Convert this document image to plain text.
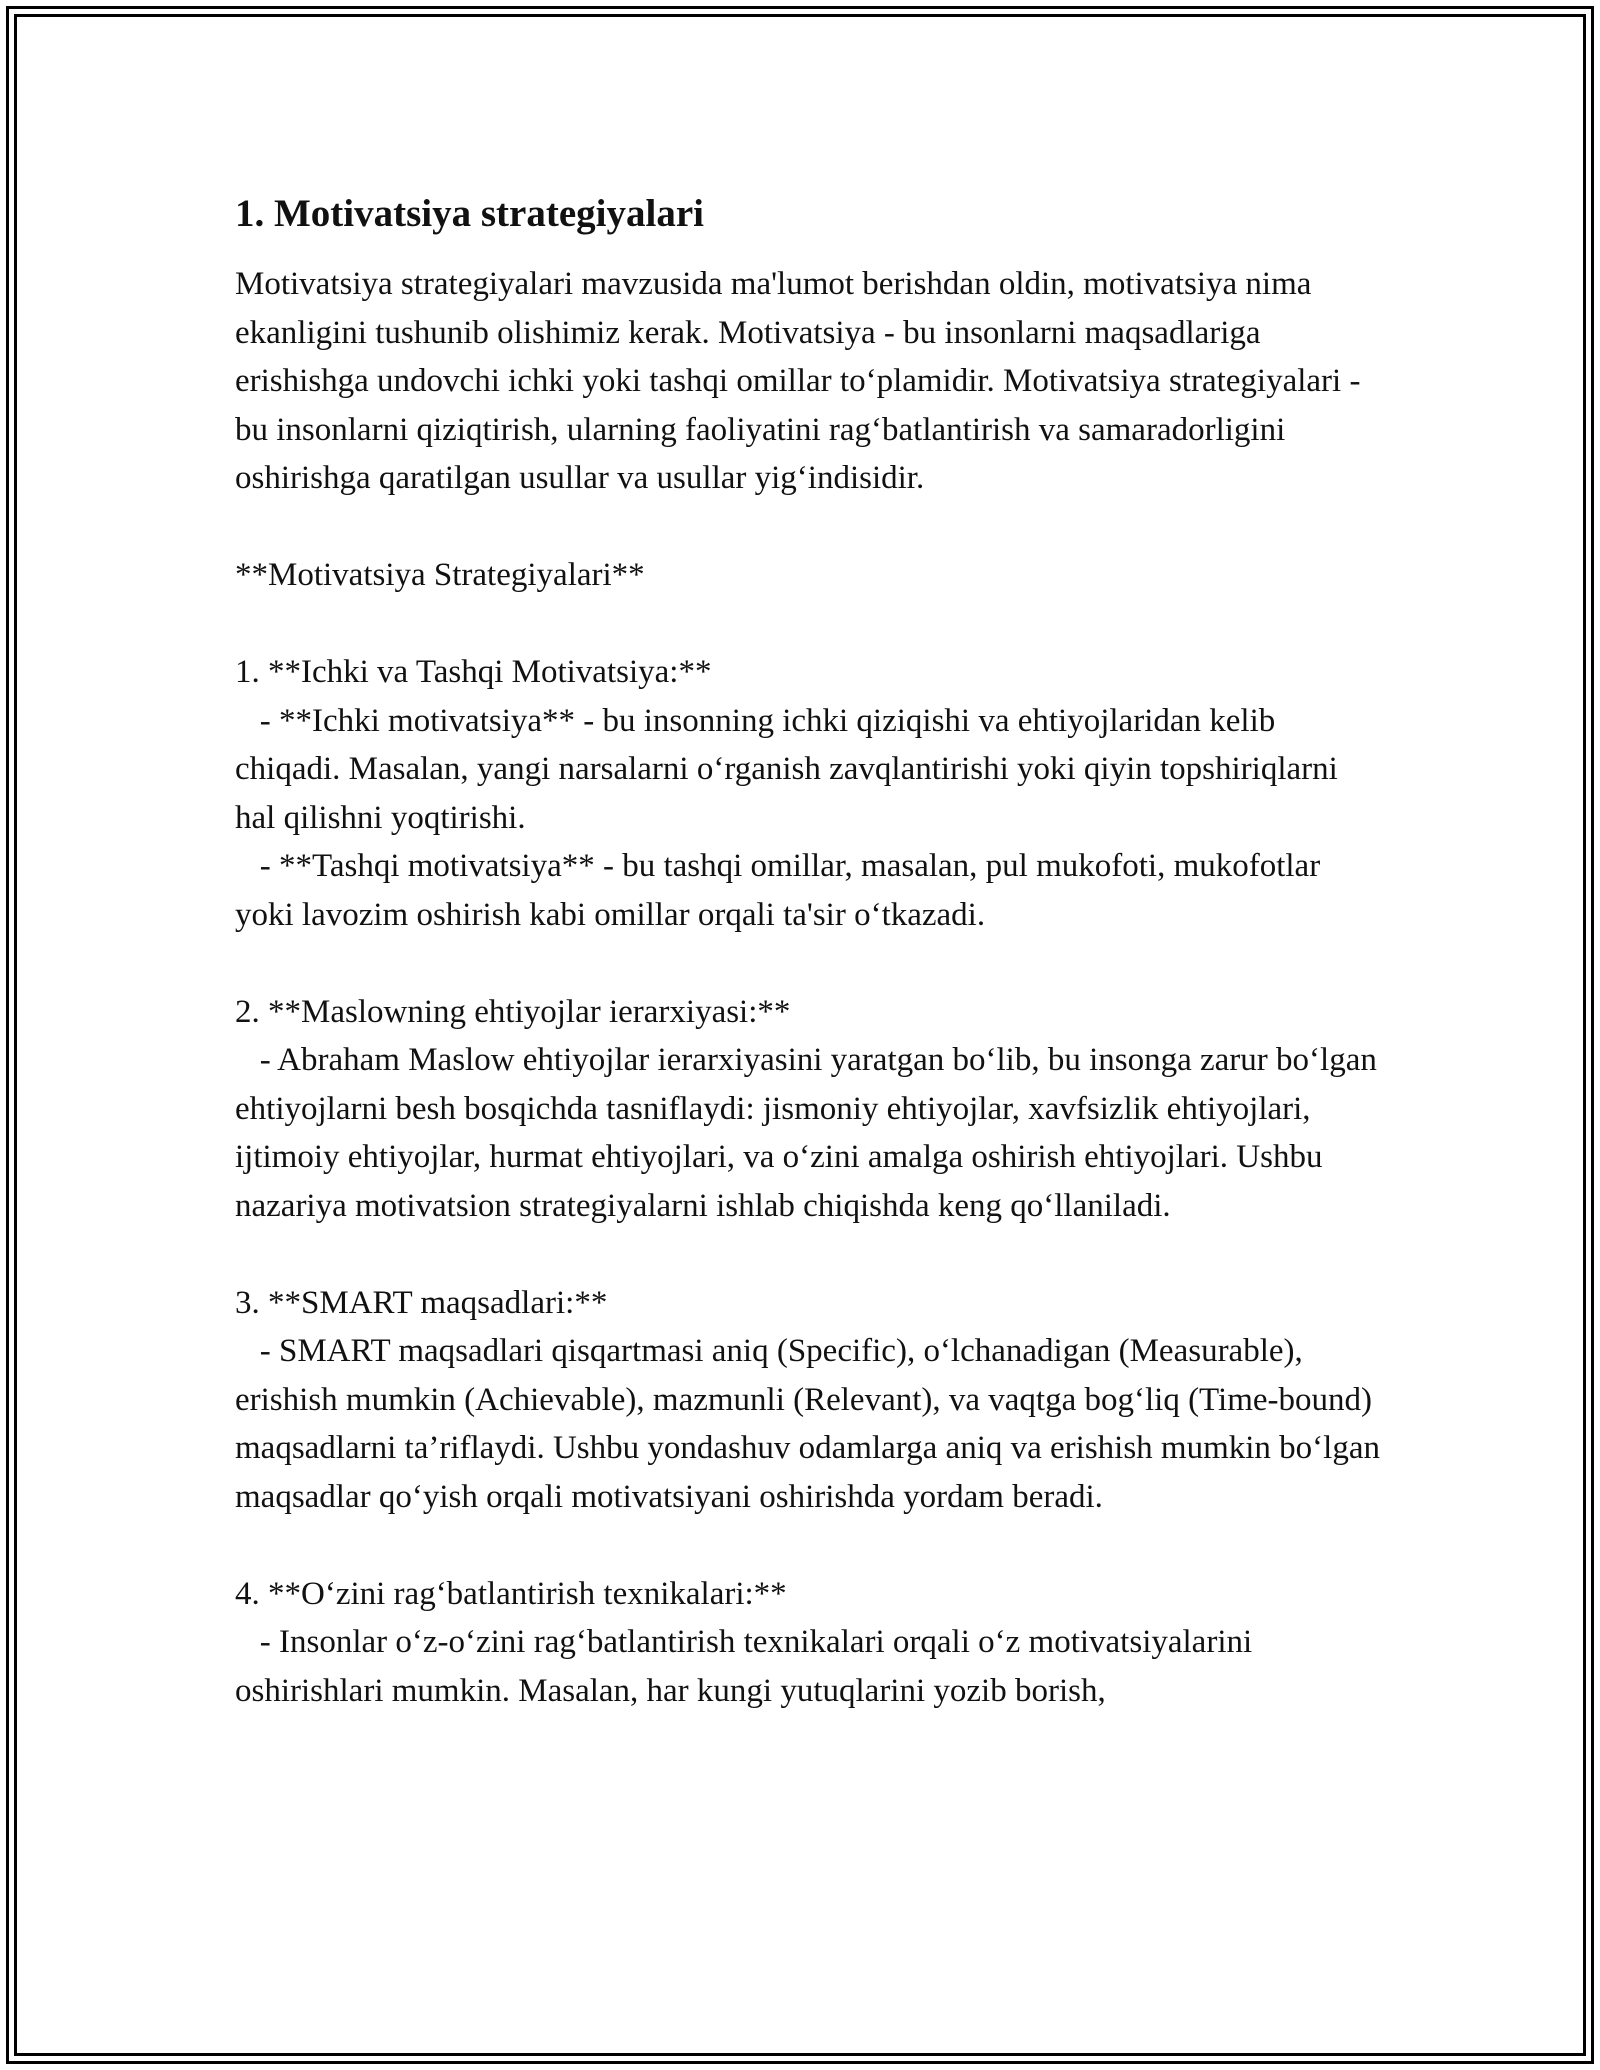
1. Motivatsiya strategiyalari

Motivatsiya strategiyalari mavzusida ma'lumot berishdan oldin, motivatsiya nima ekanligini tushunib olishimiz kerak. Motivatsiya - bu insonlarni maqsadlariga erishishga undovchi ichki yoki tashqi omillar to‘plamidir. Motivatsiya strategiyalari - bu insonlarni qiziqtirish, ularning faoliyatini rag‘batlantirish va samaradorligini oshirishga qaratilgan usullar va usullar yig‘indisidir.

**Motivatsiya Strategiyalari**

1. **Ichki va Tashqi Motivatsiya:**
- **Ichki motivatsiya** - bu insonning ichki qiziqishi va ehtiyojlaridan kelib chiqadi. Masalan, yangi narsalarni o‘rganish zavqlantirishi yoki qiyin topshiriqlarni hal qilishni yoqtirishi.
- **Tashqi motivatsiya** - bu tashqi omillar, masalan, pul mukofoti, mukofotlar yoki lavozim oshirish kabi omillar orqali ta'sir o‘tkazadi.

2. **Maslowning ehtiyojlar ierarxiyasi:**
- Abraham Maslow ehtiyojlar ierarxiyasini yaratgan bo‘lib, bu insonga zarur bo‘lgan ehtiyojlarni besh bosqichda tasniflaydi: jismoniy ehtiyojlar, xavfsizlik ehtiyojlari, ijtimoiy ehtiyojlar, hurmat ehtiyojlari, va o‘zini amalga oshirish ehtiyojlari. Ushbu nazariya motivatsion strategiyalarni ishlab chiqishda keng qo‘llaniladi.

3. **SMART maqsadlari:**
- SMART maqsadlari qisqartmasi aniq (Specific), o‘lchanadigan (Measurable), erishish mumkin (Achievable), mazmunli (Relevant), va vaqtga bog‘liq (Time-bound) maqsadlarni ta’riflaydi. Ushbu yondashuv odamlarga aniq va erishish mumkin bo‘lgan maqsadlar qo‘yish orqali motivatsiyani oshirishda yordam beradi.

4. **O‘zini rag‘batlantirish texnikalari:**
- Insonlar o‘z-o‘zini rag‘batlantirish texnikalari orqali o‘z motivatsiyalarini oshirishlari mumkin. Masalan, har kungi yutuqlarini yozib borish,
